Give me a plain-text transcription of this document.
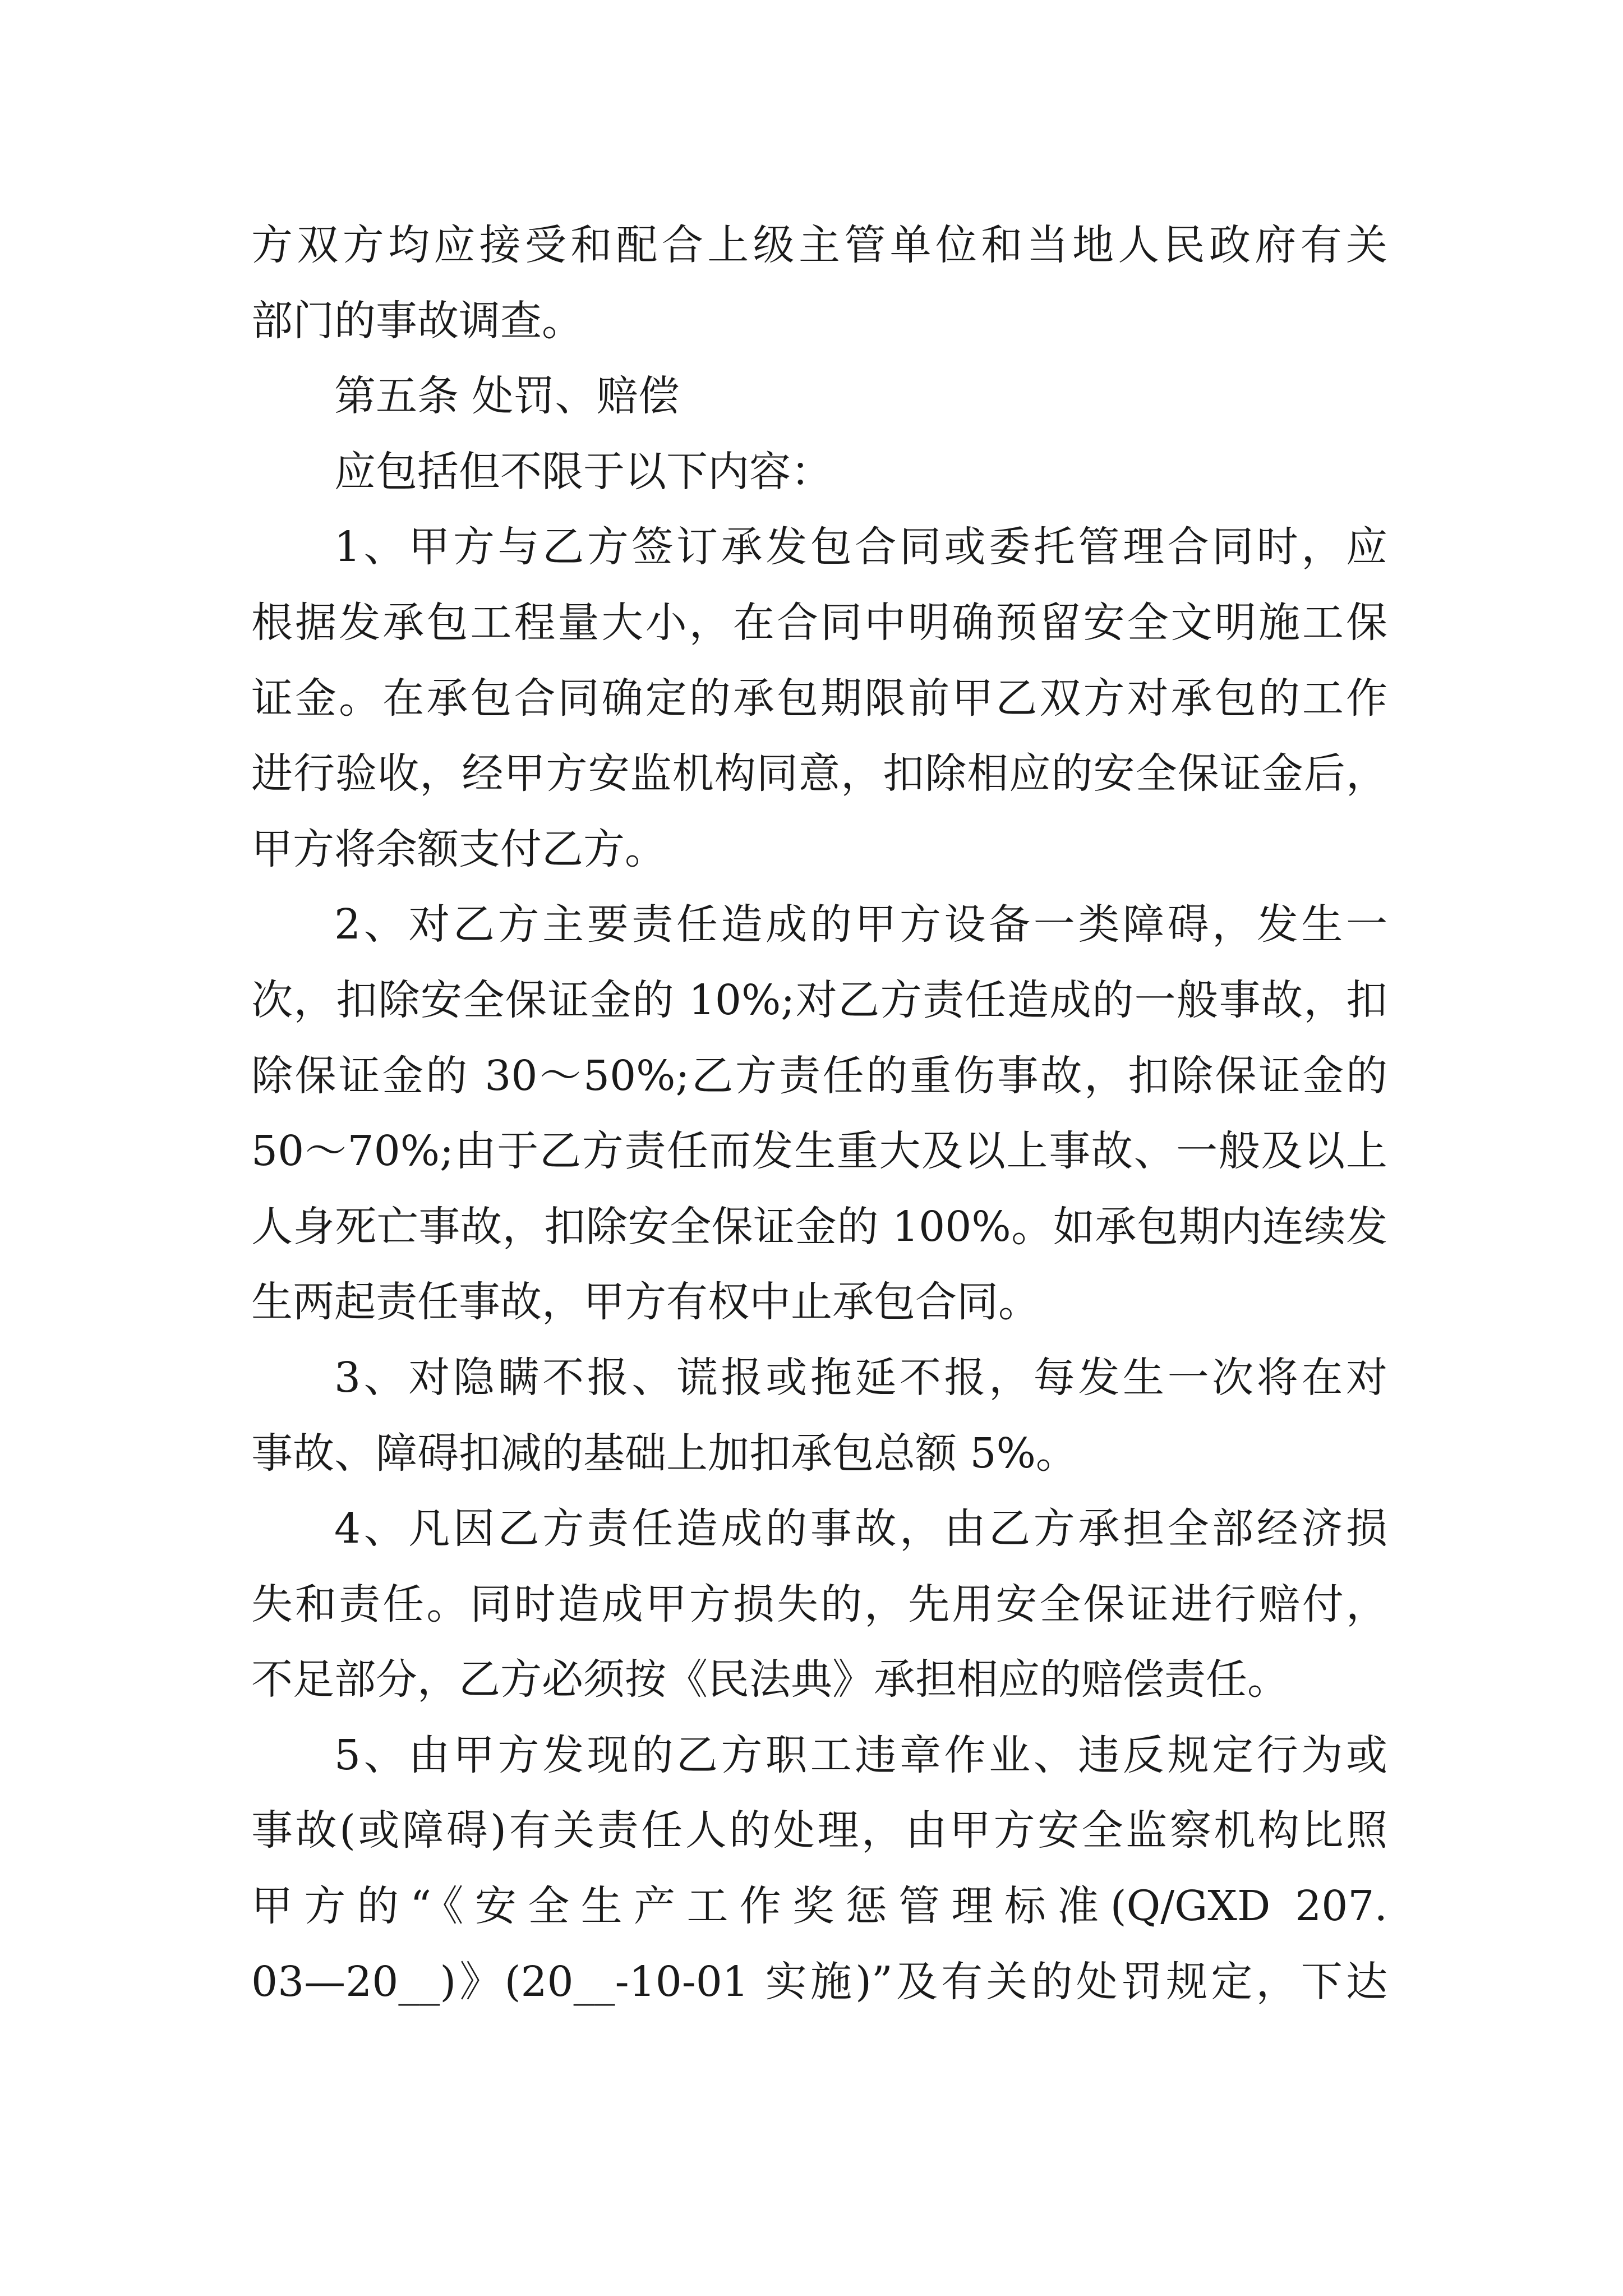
方双方均应接受和配合上级主管单位和当地人民政府有关
部门的事故调查。
第五条 处罚、赔偿
应包括但不限于以下内容：
1、甲方与乙方签订承发包合同或委托管理合同时，应
根据发承包工程量大小，在合同中明确预留安全文明施工保
证金。在承包合同确定的承包期限前甲乙双方对承包的工作
进行验收，经甲方安监机构同意，扣除相应的安全保证金后，
甲方将余额支付乙方。
2、对乙方主要责任造成的甲方设备一类障碍，发生一
次，扣除安全保证金的 10%;对乙方责任造成的一般事故，扣
除保证金的 30～50%;乙方责任的重伤事故，扣除保证金的
50～70%;由于乙方责任而发生重大及以上事故、一般及以上
人身死亡事故，扣除安全保证金的 100%。如承包期内连续发
生两起责任事故，甲方有权中止承包合同。
3、对隐瞒不报、谎报或拖延不报，每发生一次将在对
事故、障碍扣减的基础上加扣承包总额 5%。
4、凡因乙方责任造成的事故，由乙方承担全部经济损
失和责任。同时造成甲方损失的，先用安全保证进行赔付，
不足部分，乙方必须按《民法典》承担相应的赔偿责任。
5、由甲方发现的乙方职工违章作业、违反规定行为或
事故(或障碍)有关责任人的处理，由甲方安全监察机构比照
甲方的“《安全生产工作奖惩管理标准(Q/GXD 207.
03—20__)》(20__-10-01 实施)”及有关的处罚规定，下达
